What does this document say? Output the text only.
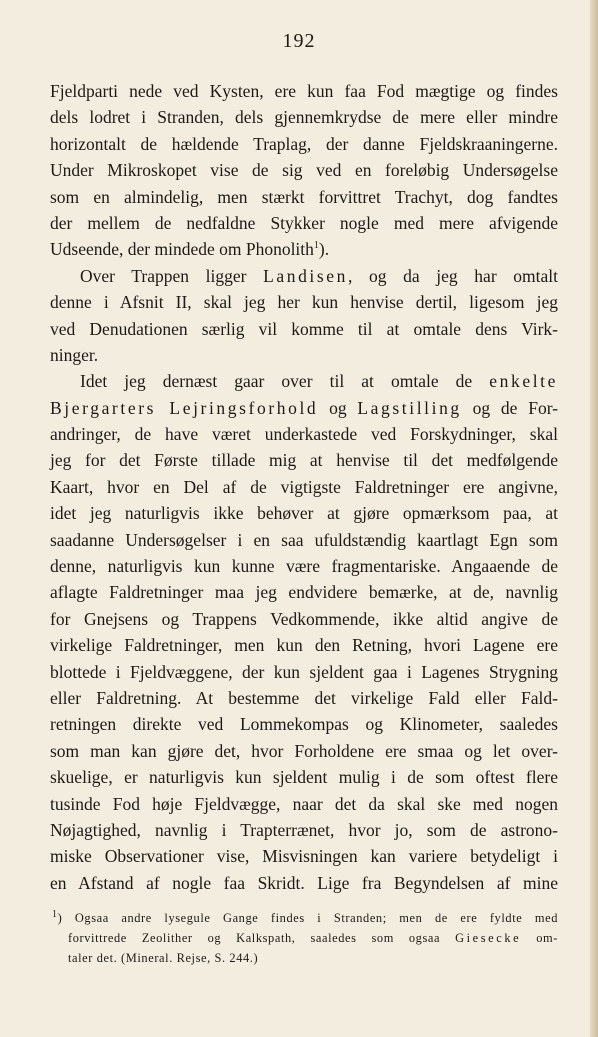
192
Fjeldparti nede ved Kysten, ere kun faa Fod mægtige og findes
dels lodret i Stranden, dels gjennemkrydse de mere eller mindre
horizontalt de hældende Traplag, der danne Fjeldskraaningerne.
Under Mikroskopet vise de sig ved en foreløbig Undersøgelse
som en almindelig, men stærkt forvittret Trachyt, dog fandtes
der mellem de nedfaldne Stykker nogle med mere afvigende
Udseende, der mindede om Phonolith$^1$).
Over Trappen ligger Landisen, og da jeg har omtalt
denne i Afsnit II, skal jeg her kun henvise dertil, ligesom jeg
ved Denudationen særlig vil komme til at omtale dens Virk-
ninger.
Idet jeg dernæst gaar over til at omtale de enkelte
Bjergarters Lejringsforhold og Lagstilling og de For-
andringer, de have været underkastede ved Forskydninger, skal
jeg for det Første tillade mig at henvise til det medfølgende
Kaart, hvor en Del af de vigtigste Faldretninger ere angivne,
idet jeg naturligvis ikke behøver at gjøre opmærksom paa, at
saadanne Undersøgelser i en saa ufuldstændig kaartlagt Egn som
denne, naturligvis kun kunne være fragmentariske. Angaaende de
aflagte Faldretninger maa jeg endvidere bemærke, at de, navnlig
for Gnejsens og Trappens Vedkommende, ikke altid angive de
virkelige Faldretninger, men kun den Retning, hvori Lagene ere
blottede i Fjeldvæggene, der kun sjeldent gaa i Lagenes Strygning
eller Faldretning. At bestemme det virkelige Fald eller Fald-
retningen direkte ved Lommekompas og Klinometer, saaledes
som man kan gjøre det, hvor Forholdene ere smaa og let over-
skuelige, er naturligvis kun sjeldent mulig i de som oftest flere
tusinde Fod høje Fjeldvægge, naar det da skal ske med nogen
Nøjagtighed, navnlig i Trapterrænet, hvor jo, som de astrono-
miske Observationer vise, Misvisningen kan variere betydeligt i
en Afstand af nogle faa Skridt. Lige fra Begyndelsen af mine
$^1$) Ogsaa andre lysegule Gange findes i Stranden; men de ere fyldte med
forvittrede Zeolither og Kalkspath, saaledes som ogsaa Giesecke om-
taler det. (Mineral. Rejse, S. 244.)
